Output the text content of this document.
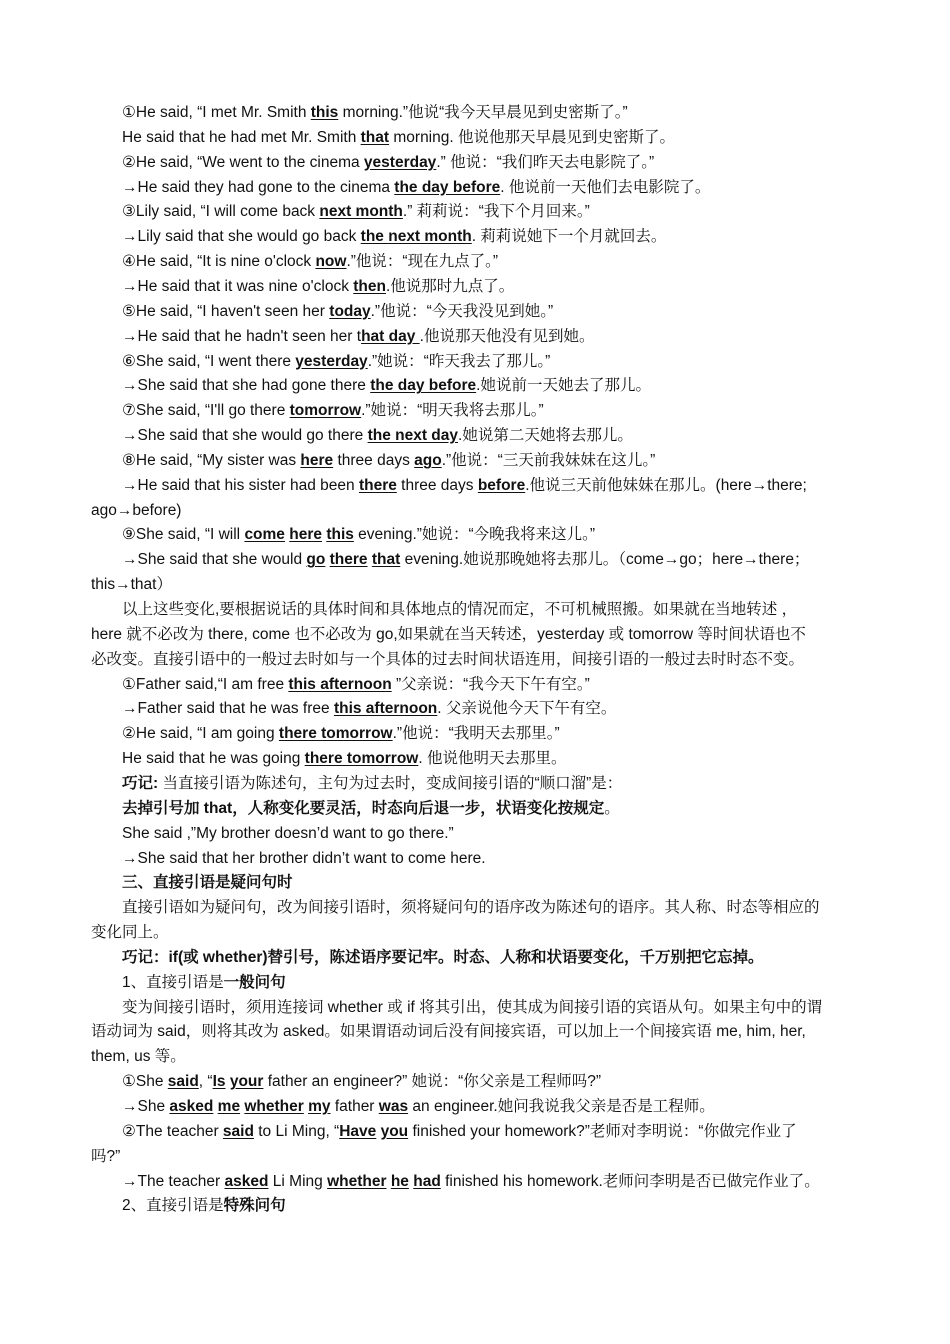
①He said, “I met Mr. Smith this morning.”他说“我今天早晨见到史密斯了。”
He said that he had met Mr. Smith that morning. 他说他那天早晨见到史密斯了。
②He said, “We went to the cinema yesterday.” 他说：“我们昨天去电影院了。”
→He said they had gone to the cinema the day before. 他说前一天他们去电影院了。
③Lily said, “I will come back next month.” 莉莉说：“我下个月回来。”
→Lily said that she would go back the next month. 莉莉说她下一个月就回去。
④He said, “It is nine o'clock now.”他说：“现在九点了。”
→He said that it was nine o'clock then.他说那时九点了。
⑤He said, “I haven't seen her today.”他说：“今天我没见到她。”
→He said that he hadn't seen her that day .他说那天他没有见到她。
⑥She said, “I went there yesterday.”她说：“昨天我去了那儿。”
→She said that she had gone there the day before.她说前一天她去了那儿。
⑦She said, “I'll go there tomorrow.”她说：“明天我将去那儿。”
→She said that she would go there the next day.她说第二天她将去那儿。
⑧He said, “My sister was here three days ago.”他说：“三天前我妹妹在这儿。”
→He said that his sister had been there three days before.他说三天前他妹妹在那儿。(here→there;
ago→before)
⑨She said, “I will come here this evening.”她说：“今晚我将来这儿。”
→She said that she would go there that evening.她说那晚她将去那儿。（come→go；here→there；
this→that）
以上这些变化,要根据说话的具体时间和具体地点的情况而定，不可机械照搬。如果就在当地转述 ，
here 就不必改为 there, come 也不必改为 go,如果就在当天转述，yesterday 或 tomorrow 等时间状语也不
必改变。直接引语中的一般过去时如与一个具体的过去时间状语连用，间接引语的一般过去时时态不变。
①Father said,“I am free this afternoon ”父亲说：“我今天下午有空。”
→Father said that he was free this afternoon. 父亲说他今天下午有空。
②He said, “I am going there tomorrow.”他说：“我明天去那里。”
He said that he was going there tomorrow. 他说他明天去那里。
巧记: 当直接引语为陈述句，主句为过去时，变成间接引语的“顺口溜”是：
去掉引号加 that，人称变化要灵活，时态向后退一步，状语变化按规定。
She said ,”My brother doesn’d want to go there.”
→She said that her brother didn’t want to come here.
三、直接引语是疑问句时
直接引语如为疑问句，改为间接引语时，须将疑问句的语序改为陈述句的语序。其人称、时态等相应的
变化同上。
巧记：if(或 whether)替引号，陈述语序要记牢。时态、人称和状语要变化，千万别把它忘掉。
1、直接引语是一般问句
变为间接引语时，须用连接词 whether 或 if 将其引出，使其成为间接引语的宾语从句。如果主句中的谓
语动词为 said，则将其改为 asked。如果谓语动词后没有间接宾语，可以加上一个间接宾语 me, him, her,
them, us 等。
①She said, “Is your father an engineer?” 她说：“你父亲是工程师吗?”
→She asked me whether my father was an engineer.她问我说我父亲是否是工程师。
②The teacher said to Li Ming, “Have you finished your homework?”老师对李明说：“你做完作业了
吗?”
→The teacher asked Li Ming whether he had finished his homework.老师问李明是否已做完作业了。
2、直接引语是特殊问句
